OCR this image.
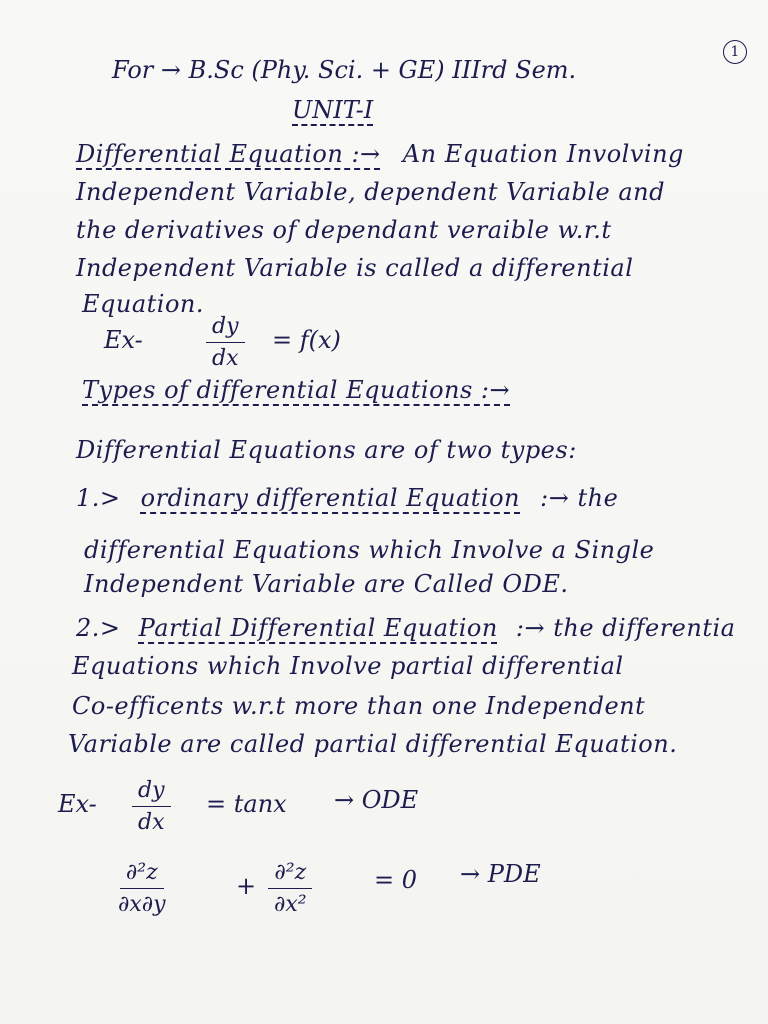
1
For → B.Sc (Phy. Sci. + GE) IIIrd Sem.
UNIT-I
Differential Equation :→ An Equation Involving
Independent Variable, dependent Variable and
the derivatives of dependant veraible w.r.t
Independent Variable is called a differential
Equation.
Ex-	$\frac{dy}{dx} = f(x)$
Types of differential Equations :→
Differential Equations are of two types:
1.> ordinary differential Equation :→ the
differential Equations which Involve a Single
Independent Variable are Called ODE.
2.> Partial Differential Equation :→ the differentia
Equations which Involve partial differential
Co-efficents w.r.t more than one Independent
Variable are called partial differential Equation.
$Ex- \frac{dy}{dx} = \tan x$ → ODE
$\frac{\text{∂²z}}{\partial x\partial y}$	+ $\frac{\text{∂²z}}{\text{∂x²}}$	= 0 → PDE
